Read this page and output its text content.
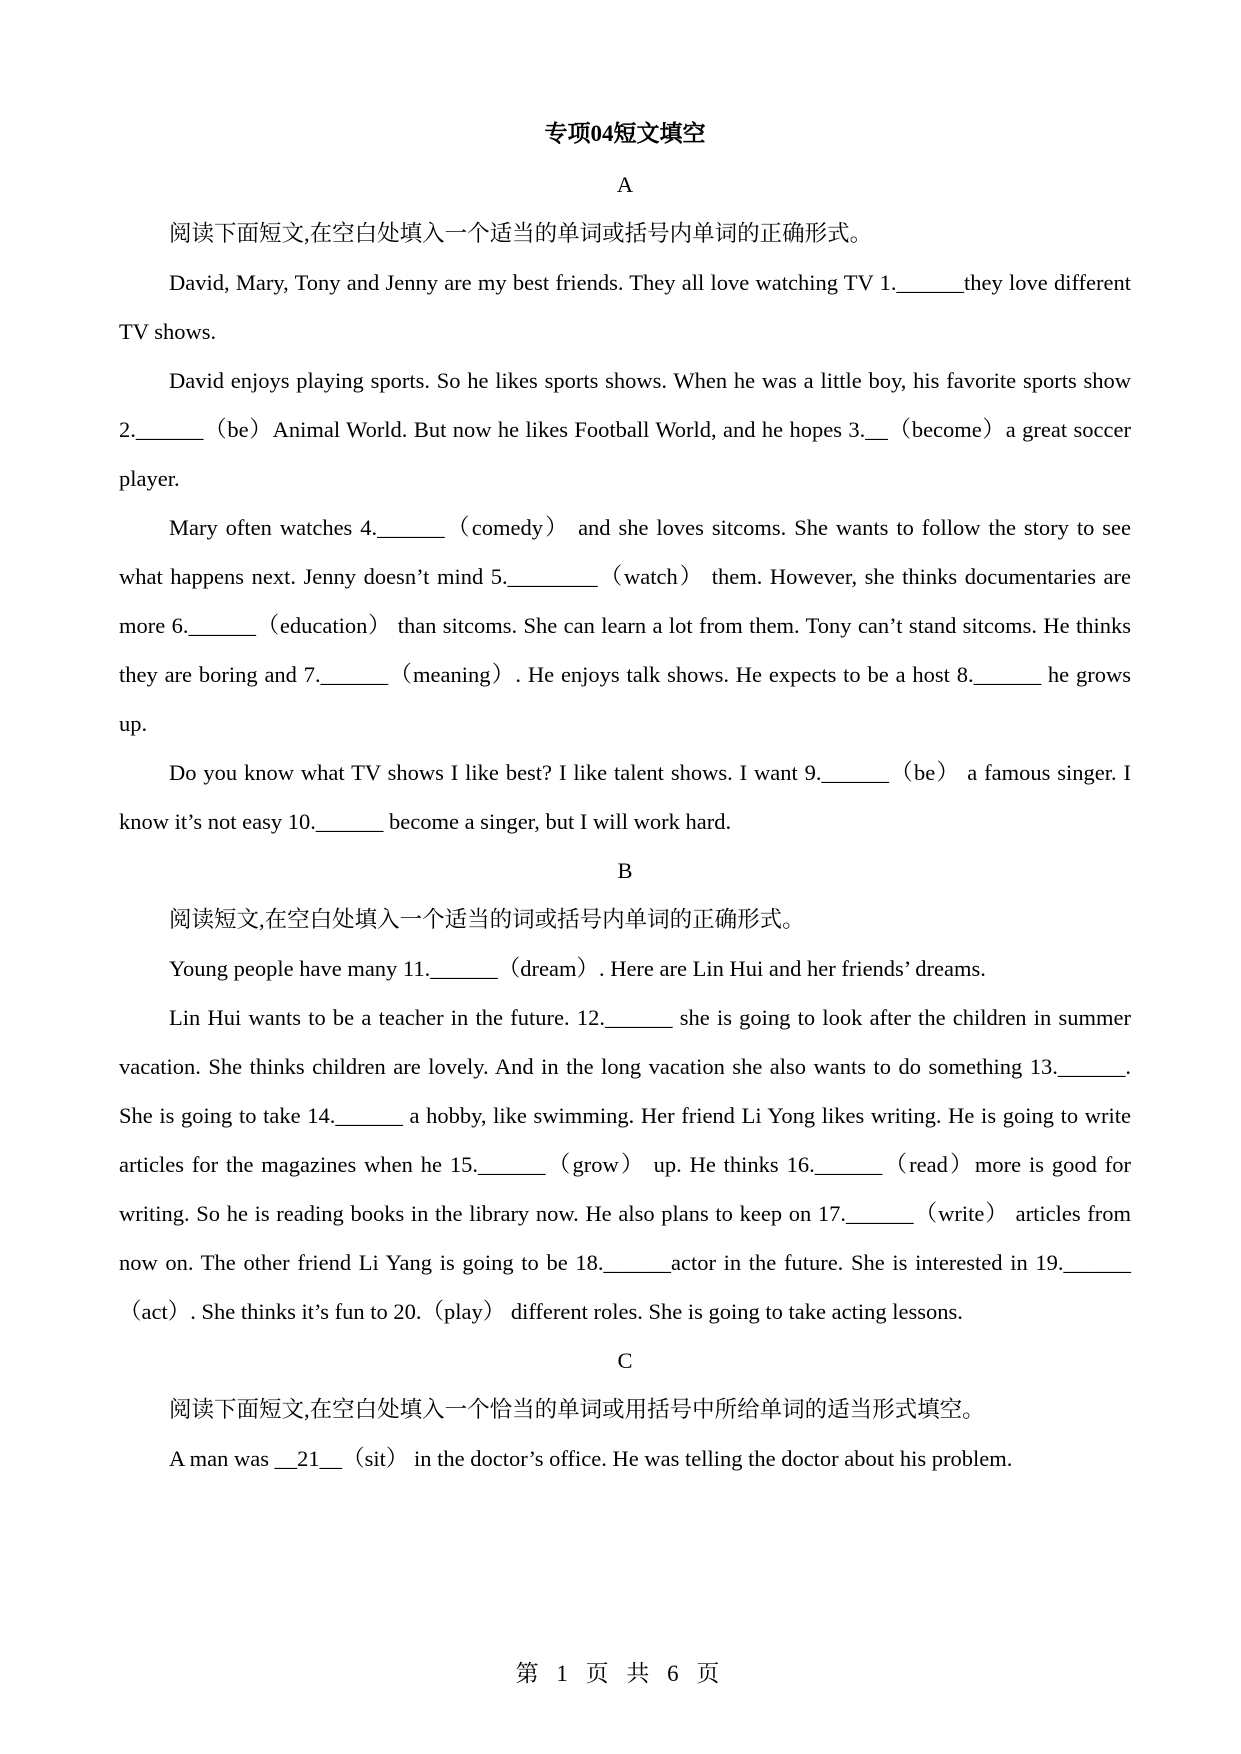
专项04短文填空

A

阅读下面短文,在空白处填入一个适当的单词或括号内单词的正确形式。

David, Mary, Tony and Jenny are my best friends. They all love watching TV 1.______they love different TV shows.

David enjoys playing sports. So he likes sports shows. When he was a little boy, his favorite sports show 2.______（be）Animal World. But now he likes Football World, and he hopes 3.__（become）a great soccer player.

Mary often watches 4.______（comedy） and she loves sitcoms. She wants to follow the story to see what happens next. Jenny doesn’t mind 5.________（watch） them. However, she thinks documentaries are more 6.______（education） than sitcoms. She can learn a lot from them. Tony can’t stand sitcoms. He thinks they are boring and 7.______（meaning）. He enjoys talk shows. He expects to be a host 8.______ he grows up.

Do you know what TV shows I like best? I like talent shows. I want 9.______（be） a famous singer. I know it’s not easy 10.______ become a singer, but I will work hard.

B

阅读短文,在空白处填入一个适当的词或括号内单词的正确形式。

Young people have many 11.______（dream）. Here are Lin Hui and her friends’ dreams.

Lin Hui wants to be a teacher in the future. 12.______ she is going to look after the children in summer vacation. She thinks children are lovely. And in the long vacation she also wants to do something 13.______. She is going to take 14.______ a hobby, like swimming. Her friend Li Yong likes writing. He is going to write articles for the magazines when he 15.______（grow） up. He thinks 16.______（read）more is good for writing. So he is reading books in the library now. He also plans to keep on 17.______（write） articles from now on. The other friend Li Yang is going to be 18.______actor in the future. She is interested in 19.______（act）. She thinks it’s fun to 20.（play） different roles. She is going to take acting lessons.

C

阅读下面短文,在空白处填入一个恰当的单词或用括号中所给单词的适当形式填空。

A man was __21__（sit） in the doctor’s office. He was telling the doctor about his problem.

第 1 页 共 6 页
